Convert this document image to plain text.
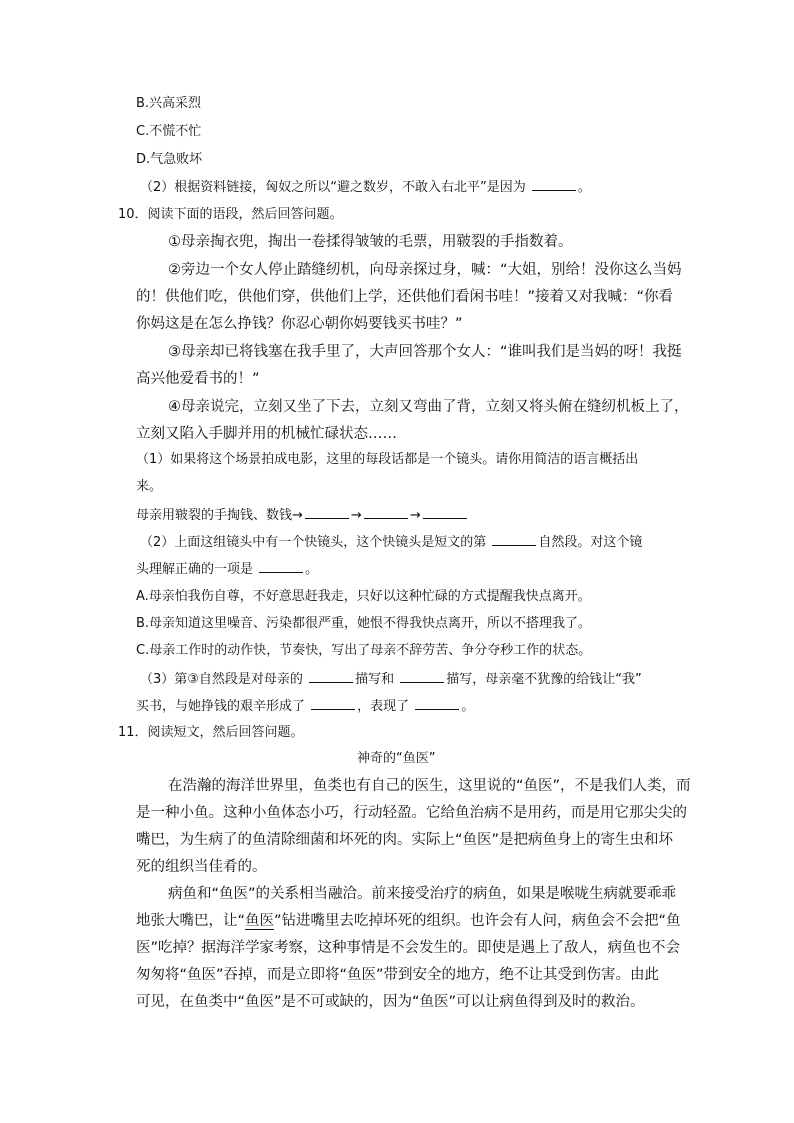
B.兴高采烈
C.不慌不忙
D.气急败坏
（2）根据资料链接，匈奴之所以“避之数岁，不敢入右北平”是因为	。
10．阅读下面的语段，然后回答问题。
①母亲掏衣兜，掏出一卷揉得皱皱的毛票，用皲裂的手指数着。
②旁边一个女人停止踏缝纫机，向母亲探过身，喊：“大姐，别给！没你这么当妈
的！供他们吃，供他们穿，供他们上学，还供他们看闲书哇！”接着又对我喊：“你看
你妈这是在怎么挣钱？你忍心朝你妈要钱买书哇？”
③母亲却已将钱塞在我手里了，大声回答那个女人：“谁叫我们是当妈的呀！我挺
高兴他爱看书的！”
④母亲说完，立刻又坐了下去，立刻又弯曲了背，立刻又将头俯在缝纫机板上了，
立刻又陷入手脚并用的机械忙碌状态……
（1）如果将这个场景拍成电影，这里的每段话都是一个镜头。请你用简洁的语言概括出
来。
母亲用皲裂的手掏钱、数钱→	→	→
（2）上面这组镜头中有一个快镜头，这个快镜头是短文的第	自然段。对这个镜
头理解正确的一项是	。
A.母亲怕我伤自尊，不好意思赶我走，只好以这种忙碌的方式提醒我快点离开。
B.母亲知道这里噪音、污染都很严重，她恨不得我快点离开，所以不搭理我了。
C.母亲工作时的动作快，节奏快，写出了母亲不辞劳苦、争分夺秒工作的状态。
（3）第③自然段是对母亲的	描写和	描写，母亲毫不犹豫的给钱让“我”
买书，与她挣钱的艰辛形成了	，表现了	。
11．阅读短文，然后回答问题。
神奇的“鱼医”
在浩瀚的海洋世界里，鱼类也有自己的医生，这里说的“鱼医”，不是我们人类，而
是一种小鱼。这种小鱼体态小巧，行动轻盈。它给鱼治病不是用药，而是用它那尖尖的
嘴巴，为生病了的鱼清除细菌和坏死的肉。实际上“鱼医”是把病鱼身上的寄生虫和坏
死的组织当佳肴的。
病鱼和“鱼医”的关系相当融洽。前来接受治疗的病鱼，如果是喉咙生病就要乖乖
地张大嘴巴，让“鱼医”钻进嘴里去吃掉坏死的组织。也许会有人问，病鱼会不会把“鱼
医”吃掉？据海洋学家考察，这种事情是不会发生的。即使是遇上了敌人，病鱼也不会
匆匆将“鱼医”吞掉，而是立即将“鱼医”带到安全的地方，绝不让其受到伤害。由此
可见，在鱼类中“鱼医”是不可或缺的，因为“鱼医”可以让病鱼得到及时的救治。
